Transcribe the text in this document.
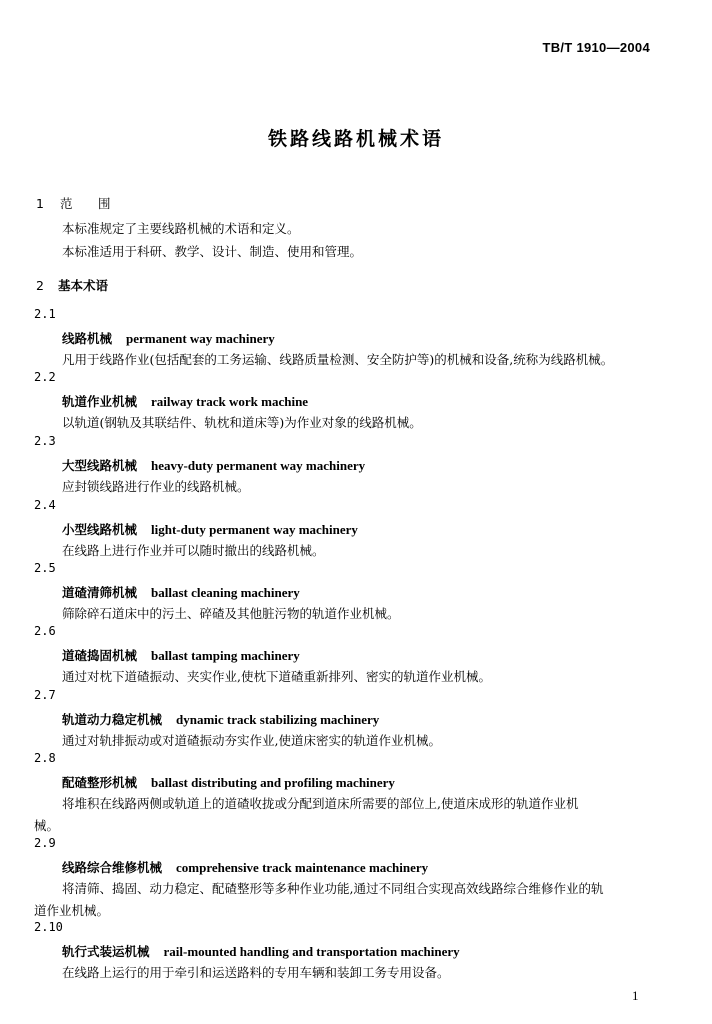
TB/T 1910—2004
铁路线路机械术语
1 范 围
本标准规定了主要线路机械的术语和定义。
本标准适用于科研、教学、设计、制造、使用和管理。
2 基本术语
2.1
线路机械 permanent way machinery
凡用于线路作业(包括配套的工务运输、线路质量检测、安全防护等)的机械和设备,统称为线路机械。
2.2
轨道作业机械 railway track work machine
以轨道(钢轨及其联结件、轨枕和道床等)为作业对象的线路机械。
2.3
大型线路机械 heavy-duty permanent way machinery
应封锁线路进行作业的线路机械。
2.4
小型线路机械 light-duty permanent way machinery
在线路上进行作业并可以随时撤出的线路机械。
2.5
道碴清筛机械 ballast cleaning machinery
筛除碎石道床中的污土、碎碴及其他脏污物的轨道作业机械。
2.6
道碴捣固机械 ballast tamping machinery
通过对枕下道碴振动、夹实作业,使枕下道碴重新排列、密实的轨道作业机械。
2.7
轨道动力稳定机械 dynamic track stabilizing machinery
通过对轨排振动或对道碴振动夯实作业,使道床密实的轨道作业机械。
2.8
配碴整形机械 ballast distributing and profiling machinery
将堆积在线路两侧或轨道上的道碴收拢或分配到道床所需要的部位上,使道床成形的轨道作业机
械。
2.9
线路综合维修机械 comprehensive track maintenance machinery
将清筛、捣固、动力稳定、配碴整形等多种作业功能,通过不同组合实现高效线路综合维修作业的轨
道作业机械。
2.10
轨行式装运机械 rail-mounted handling and transportation machinery
在线路上运行的用于牵引和运送路料的专用车辆和装卸工务专用设备。
1
